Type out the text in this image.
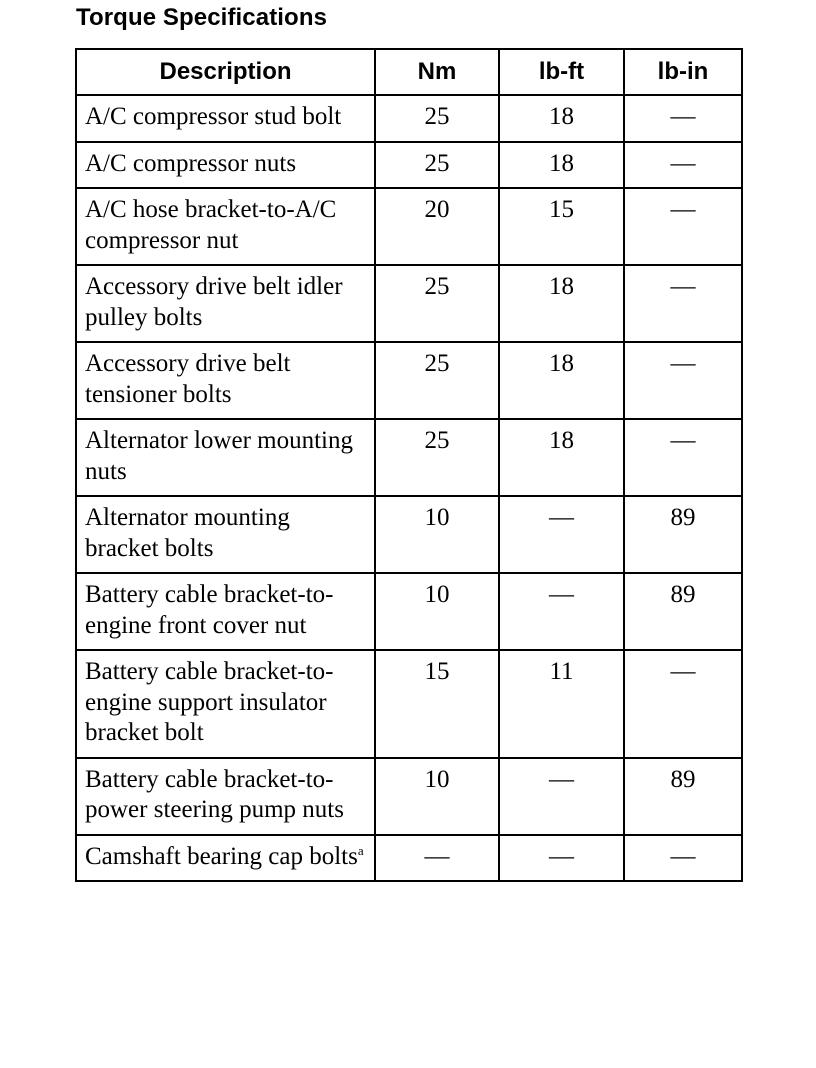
Torque Specifications
Description	Nm	lb-ft	lb-in
A/C compressor stud bolt	25	18	—
A/C compressor nuts	25	18	—
A/C hose bracket-to-A/C compressor nut	20	15	—
Accessory drive belt idler pulley bolts	25	18	—
Accessory drive belt tensioner bolts	25	18	—
Alternator lower mounting nuts	25	18	—
Alternator mounting bracket bolts	10	—	89
Battery cable bracket-to-engine front cover nut	10	—	89
Battery cable bracket-to-engine support insulator bracket bolt	15	11	—
Battery cable bracket-to-power steering pump nuts	10	—	89
Camshaft bearing cap bolts$^a$	—	—	—
